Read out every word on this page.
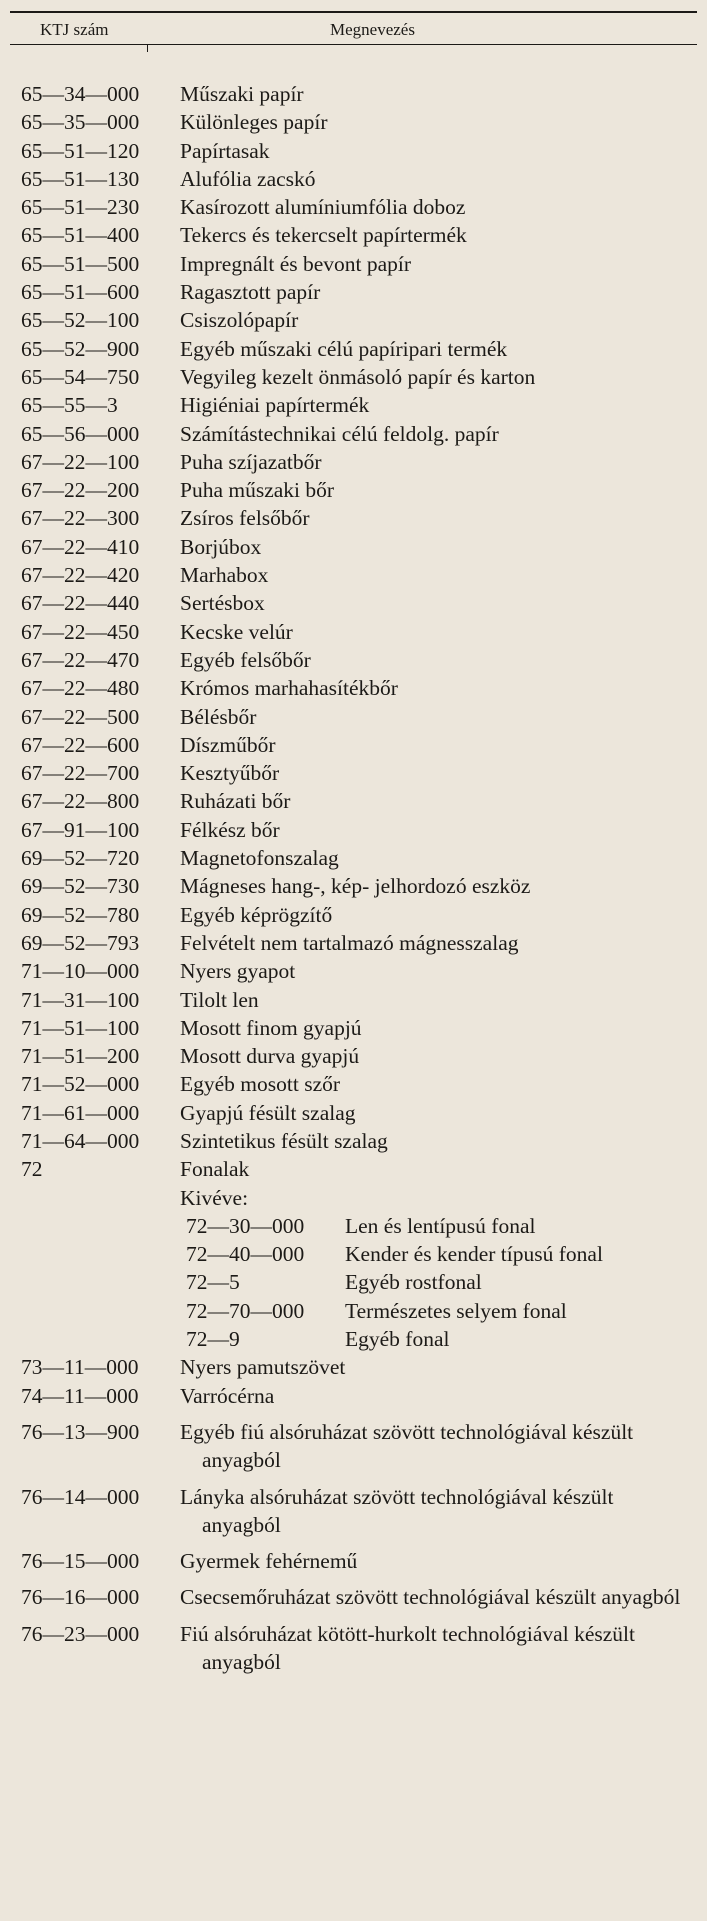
KTJ szám	Megnevezés
65—34—000 Műszaki papír
65—35—000 Különleges papír
65—51—120 Papírtasak
65—51—130 Alufólia zacskó
65—51—230 Kasírozott alumíniumfólia doboz
65—51—400 Tekercs és tekercselt papírtermék
65—51—500 Impregnált és bevont papír
65—51—600 Ragasztott papír
65—52—100 Csiszolópapír
65—52—900 Egyéb műszaki célú papíripari termék
65—54—750 Vegyileg kezelt önmásoló papír és karton
65—55—3	Higiéniai papírtermék
65—56—000 Számítástechnikai célú feldolg. papír
67—22—100 Puha szíjazatbőr
67—22—200 Puha műszaki bőr
67—22—300 Zsíros felsőbőr
67—22—410 Borjúbox
67—22—420 Marhabox
67—22—440 Sertésbox
67—22—450 Kecske velúr
67—22—470 Egyéb felsőbőr
67—22—480 Krómos marhahasítékbőr
67—22—500 Bélésbőr
67—22—600 Díszműbőr
67—22—700 Kesztyűbőr
67—22—800 Ruházati bőr
67—91—100 Félkész bőr
69—52—720 Magnetofonszalag
69—52—730 Mágneses hang-, kép- jelhordozó eszköz
69—52—780 Egyéb képrögzítő
69—52—793 Felvételt nem tartalmazó mágnesszalag
71—10—000 Nyers gyapot
71—31—100 Tilolt len
71—51—100 Mosott finom gyapjú
71—51—200 Mosott durva gyapjú
71—52—000 Egyéb mosott szőr
71—61—000 Gyapjú fésült szalag
71—64—000 Szintetikus fésült szalag
72	Fonalak
Kivéve:
72—30—000 Len és lentípusú fonal
72—40—000 Kender és kender típusú fonal
72—5	Egyéb rostfonal
72—70—000 Természetes selyem fonal
72—9	Egyéb fonal
73—11—000 Nyers pamutszövet
74—11—000 Varrócérna
76—13—900 Egyéb fiú alsóruházat szövött technológiával készült anyagból
76—14—000 Lányka alsóruházat szövött technológiával készült anyagból
76—15—000 Gyermek fehérnemű
76—16—000 Csecsemőruházat szövött technológiával készült anyagból
76—23—000 Fiú alsóruházat kötött-hurkolt technológiával készült anyagból
